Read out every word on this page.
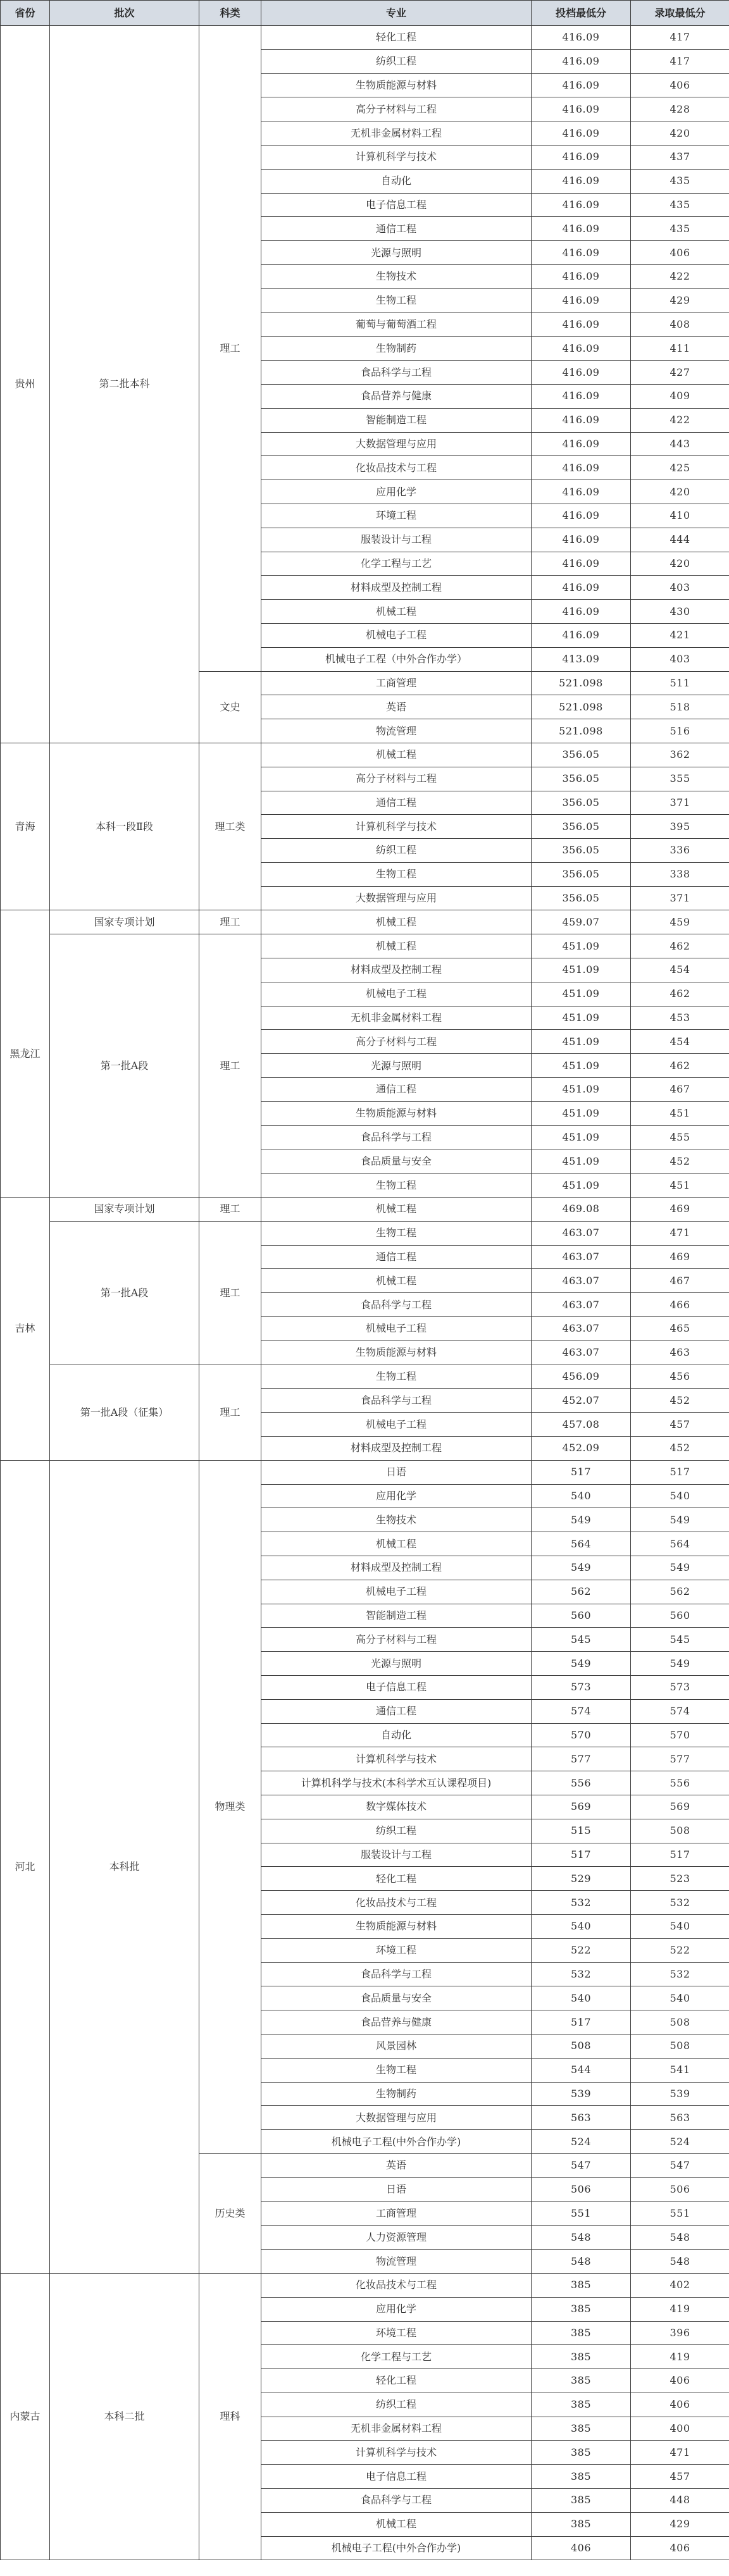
省份	批次	科类	专业	投档最低分	录取最低分
贵州	第二批本科	理工	轻化工程	416.09	417
			纺织工程	416.09	417
			生物质能源与材料	416.09	406
			高分子材料与工程	416.09	428
			无机非金属材料工程	416.09	420
			计算机科学与技术	416.09	437
			自动化	416.09	435
			电子信息工程	416.09	435
			通信工程	416.09	435
			光源与照明	416.09	406
			生物技术	416.09	422
			生物工程	416.09	429
			葡萄与葡萄酒工程	416.09	408
			生物制药	416.09	411
			食品科学与工程	416.09	427
			食品营养与健康	416.09	409
			智能制造工程	416.09	422
			大数据管理与应用	416.09	443
			化妆品技术与工程	416.09	425
			应用化学	416.09	420
			环境工程	416.09	410
			服装设计与工程	416.09	444
			化学工程与工艺	416.09	420
			材料成型及控制工程	416.09	403
			机械工程	416.09	430
			机械电子工程	416.09	421
			机械电子工程（中外合作办学）	413.09	403
		文史	工商管理	521.098	511
			英语	521.098	518
			物流管理	521.098	516
青海	本科一段Ⅱ段	理工类	机械工程	356.05	362
			高分子材料与工程	356.05	355
			通信工程	356.05	371
			计算机科学与技术	356.05	395
			纺织工程	356.05	336
			生物工程	356.05	338
			大数据管理与应用	356.05	371
黑龙江	国家专项计划	理工	机械工程	459.07	459
	第一批A段	理工	机械工程	451.09	462
			材料成型及控制工程	451.09	454
			机械电子工程	451.09	462
			无机非金属材料工程	451.09	453
			高分子材料与工程	451.09	454
			光源与照明	451.09	462
			通信工程	451.09	467
			生物质能源与材料	451.09	451
			食品科学与工程	451.09	455
			食品质量与安全	451.09	452
			生物工程	451.09	451
吉林	国家专项计划	理工	机械工程	469.08	469
	第一批A段	理工	生物工程	463.07	471
			通信工程	463.07	469
			机械工程	463.07	467
			食品科学与工程	463.07	466
			机械电子工程	463.07	465
			生物质能源与材料	463.07	463
	第一批A段（征集）	理工	生物工程	456.09	456
			食品科学与工程	452.07	452
			机械电子工程	457.08	457
			材料成型及控制工程	452.09	452
河北	本科批	物理类	日语	517	517
			应用化学	540	540
			生物技术	549	549
			机械工程	564	564
			材料成型及控制工程	549	549
			机械电子工程	562	562
			智能制造工程	560	560
			高分子材料与工程	545	545
			光源与照明	549	549
			电子信息工程	573	573
			通信工程	574	574
			自动化	570	570
			计算机科学与技术	577	577
			计算机科学与技术(本科学术互认课程项目)	556	556
			数字媒体技术	569	569
			纺织工程	515	508
			服装设计与工程	517	517
			轻化工程	529	523
			化妆品技术与工程	532	532
			生物质能源与材料	540	540
			环境工程	522	522
			食品科学与工程	532	532
			食品质量与安全	540	540
			食品营养与健康	517	508
			风景园林	508	508
			生物工程	544	541
			生物制药	539	539
			大数据管理与应用	563	563
			机械电子工程(中外合作办学)	524	524
		历史类	英语	547	547
			日语	506	506
			工商管理	551	551
			人力资源管理	548	548
			物流管理	548	548
内蒙古	本科二批	理科	化妆品技术与工程	385	402
			应用化学	385	419
			环境工程	385	396
			化学工程与工艺	385	419
			轻化工程	385	406
			纺织工程	385	406
			无机非金属材料工程	385	400
			计算机科学与技术	385	471
			电子信息工程	385	457
			食品科学与工程	385	448
			机械工程	385	429
			机械电子工程(中外合作办学)	406	406
